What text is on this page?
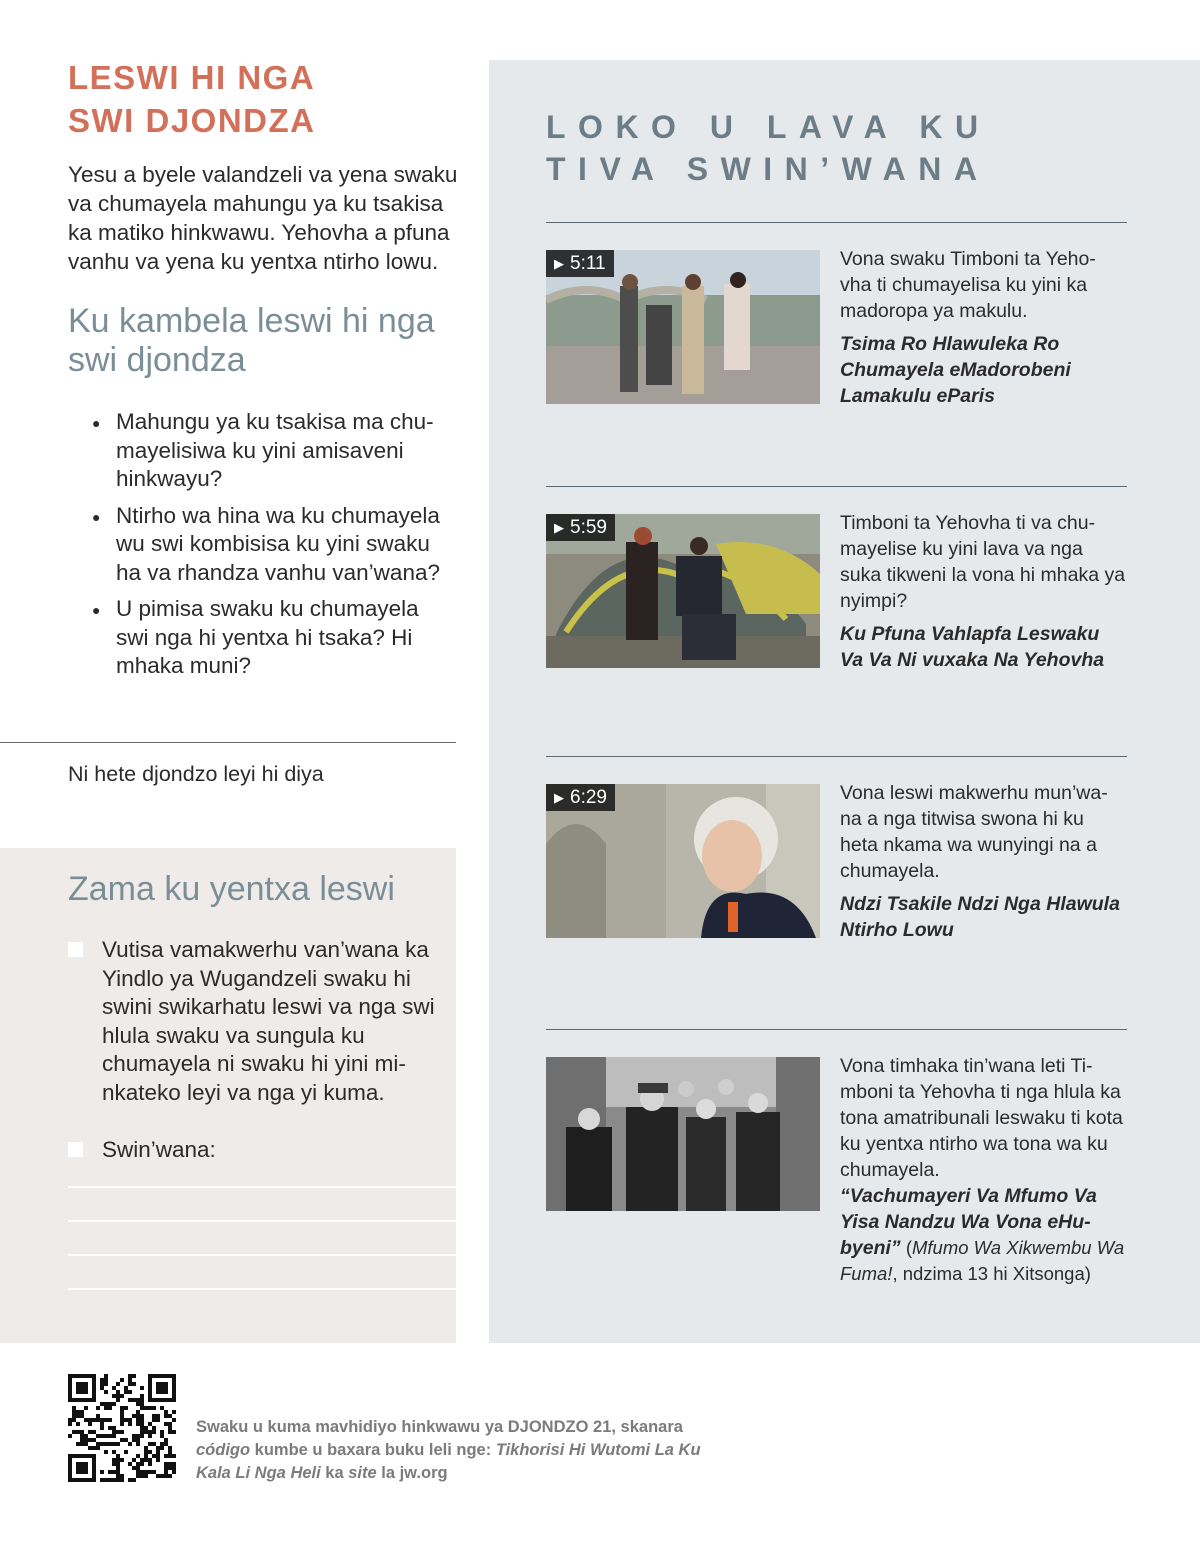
LESWI HI NGA
SWI DJONDZA

Yesu a byele valandzeli va yena swaku va chumayela mahungu ya ku tsakisa ka matiko hinkwawu. Yehovha a pfuna vanhu va yena ku yentxa ntirho lowu.

Ku kambela leswi hi nga swi djondza
● Mahungu ya ku tsakisa ma chu-mayelisiwa ku yini amisaveni hinkwayu?
● Ntirho wa hina wa ku chumayela wu swi kombisisa ku yini swaku ha va rhandza vanhu van’wana?
● U pimisa swaku ku chumayela swi nga hi yentxa hi tsaka? Hi mhaka muni?
Ni hete djondzo leyi hi diya
Zama ku yentxa leswi
Vutisa vamakwerhu van’wana ka Yindlo ya Wugandzeli swaku hi swini swikarhatu leswi va nga swi hlula swaku va sungula ku chumayela ni swaku hi yini mi-nkateko leyi va nga yi kuma.
Swin’wana:
LOKO U LAVA KU
TIVA SWIN’WANA
▶ 5:11	Vona swaku Timboni ta Yeho-vha ti chumayelisa ku yini ka madoropa ya makulu.
Tsima Ro Hlawuleka Ro Chumayela eMadorobeni Lamakulu eParis
▶ 5:59	Timboni ta Yehovha ti va chu-mayelise ku yini lava va nga suka tikweni la vona hi mhaka ya nyimpi?
Ku Pfuna Vahlapfa Leswaku Va Va Ni vuxaka Na Yehovha
▶ 6:29	Vona leswi makwerhu mun’wa-na a nga titwisa swona hi ku heta nkama wa wunyingi na a chumayela.
Ndzi Tsakile Ndzi Nga Hlawula Ntirho Lowu
Vona timhaka tin’wana leti Ti-mboni ta Yehovha ti nga hlula ka tona amatribunali leswaku ti kota ku yentxa ntirho wa tona wa ku chumayela.
“Vachumayeri Va Mfumo Va Yisa Nandzu Wa Vona eHu-byeni” (Mfumo Wa Xikwembu Wa Fuma!, ndzima 13 hi Xitsonga)

Swaku u kuma mavhidiyo hinkwawu ya DJONDZO 21, skanara código kumbe u baxara buku leli nge: Tikhorisi Hi Wutomi La Ku Kala Li Nga Heli ka site la jw.org
